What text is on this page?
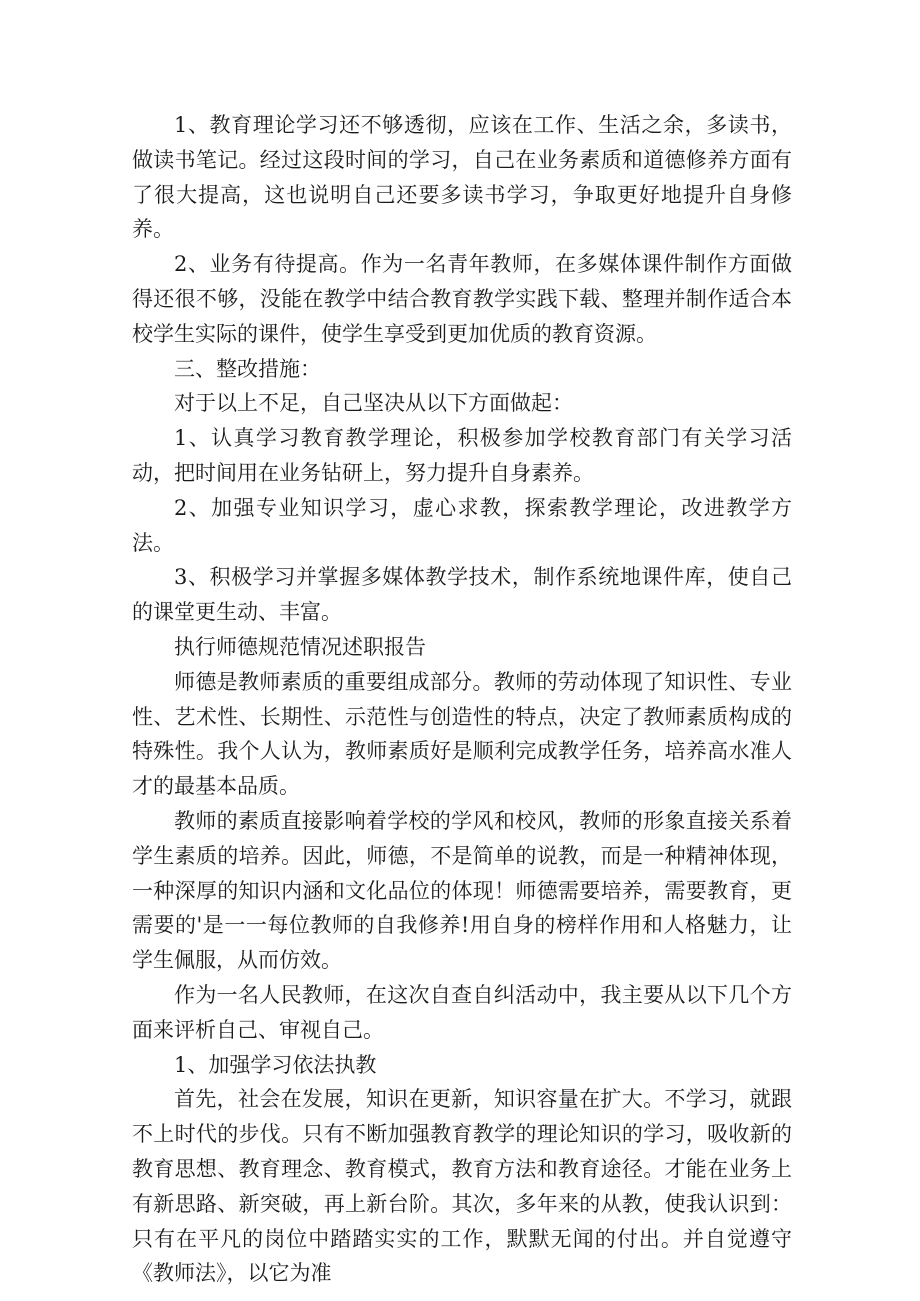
1、教育理论学习还不够透彻，应该在工作、生活之余，多读书，做读书笔记。经过这段时间的学习，自己在业务素质和道德修养方面有了很大提高，这也说明自己还要多读书学习，争取更好地提升自身修养。

2、业务有待提高。作为一名青年教师，在多媒体课件制作方面做得还很不够，没能在教学中结合教育教学实践下载、整理并制作适合本校学生实际的课件，使学生享受到更加优质的教育资源。

三、整改措施：

对于以上不足，自己坚决从以下方面做起：

1、认真学习教育教学理论，积极参加学校教育部门有关学习活动，把时间用在业务钻研上，努力提升自身素养。

2、加强专业知识学习，虚心求教，探索教学理论，改进教学方法。

3、积极学习并掌握多媒体教学技术，制作系统地课件库，使自己的课堂更生动、丰富。

执行师德规范情况述职报告

师德是教师素质的重要组成部分。教师的劳动体现了知识性、专业性、艺术性、长期性、示范性与创造性的特点，决定了教师素质构成的特殊性。我个人认为，教师素质好是顺利完成教学任务，培养高水准人才的最基本品质。

教师的素质直接影响着学校的学风和校风，教师的形象直接关系着学生素质的培养。因此，师德，不是简单的说教，而是一种精神体现，一种深厚的知识内涵和文化品位的体现！师德需要培养，需要教育，更需要的'是一一每位教师的自我修养!用自身的榜样作用和人格魅力，让学生佩服，从而仿效。

作为一名人民教师，在这次自查自纠活动中，我主要从以下几个方面来评析自己、审视自己。

1、加强学习依法执教

首先，社会在发展，知识在更新，知识容量在扩大。不学习，就跟不上时代的步伐。只有不断加强教育教学的理论知识的学习，吸收新的教育思想、教育理念、教育模式，教育方法和教育途径。才能在业务上有新思路、新突破，再上新台阶。其次，多年来的从教，使我认识到：只有在平凡的岗位中踏踏实实的工作，默默无闻的付出。并自觉遵守《教师法》，以它为准
